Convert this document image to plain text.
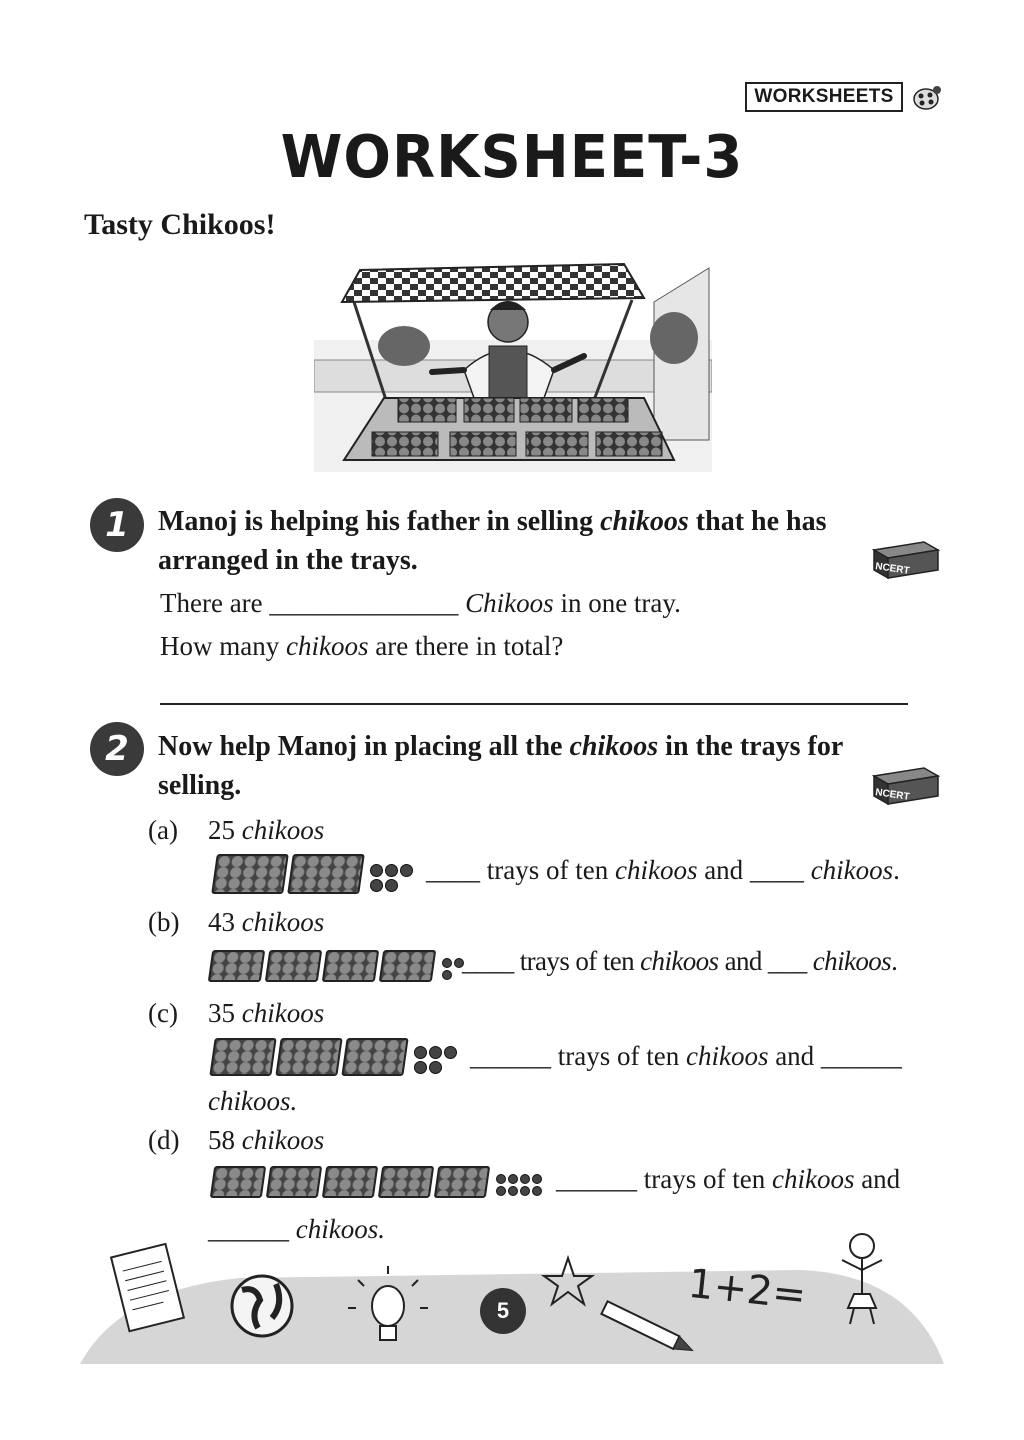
WORKSHEETS
WORKSHEET-3
Tasty Chikoos!
1	Manoj is helping his father in selling chikoos that he has
arranged in the trays.	NCERT
There are ______________ Chikoos in one tray.
How many chikoos are there in total?
2	Now help Manoj in placing all the chikoos in the trays for
selling.	NCERT
(a) 25 chikoos
____ trays of ten chikoos and ____ chikoos.
(b) 43 chikoos
____ trays of ten chikoos and ___ chikoos.
(c) 35 chikoos
______ trays of ten chikoos and ______
chikoos.
(d) 58 chikoos
______ trays of ten chikoos and
______ chikoos.
1+2=
5
